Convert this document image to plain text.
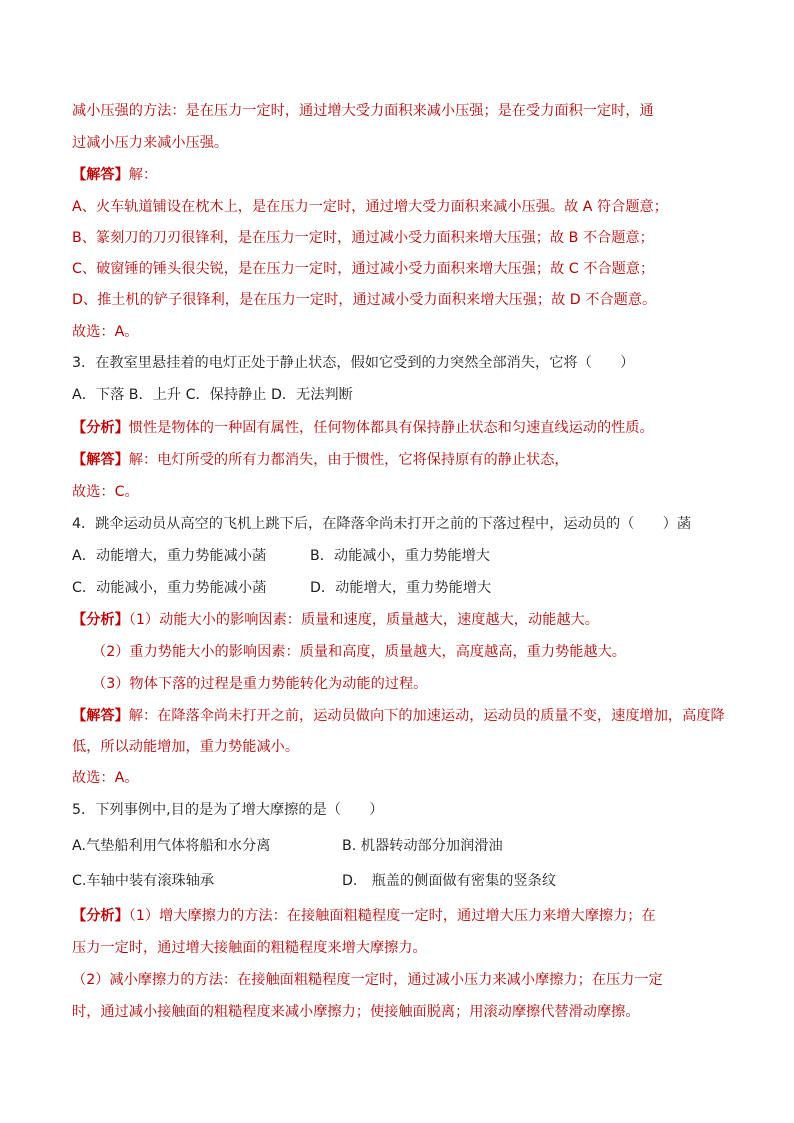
减小压强的方法：是在压力一定时，通过增大受力面积来减小压强；是在受力面积一定时，通
过减小压力来减小压强。
【解答】解：
A、火车轨道铺设在枕木上，是在压力一定时，通过增大受力面积来减小压强。故 A 符合题意；
B、篆刻刀的刀刃很锋利，是在压力一定时，通过减小受力面积来增大压强；故 B 不合题意；
C、破窗锤的锤头很尖锐，是在压力一定时，通过减小受力面积来增大压强；故 C 不合题意；
D、推土机的铲子很锋利，是在压力一定时，通过减小受力面积来增大压强；故 D 不合题意。
故选：A。
3．在教室里悬挂着的电灯正处于静止状态，假如它受到的力突然全部消失，它将（　　）
A．下落 B．上升 C．保持静止 D．无法判断
【分析】惯性是物体的一种固有属性，任何物体都具有保持静止状态和匀速直线运动的性质。
【解答】解：电灯所受的所有力都消失，由于惯性，它将保持原有的静止状态，
故选：C。
4．跳伞运动员从高空的飞机上跳下后，在降落伞尚未打开之前的下落过程中，运动员的（　　）菡
A．动能增大，重力势能减小菡	B．动能减小，重力势能增大
C．动能减小，重力势能减小菡	D．动能增大，重力势能增大
【分析】（1）动能大小的影响因素：质量和速度，质量越大，速度越大，动能越大。
（2）重力势能大小的影响因素：质量和高度，质量越大，高度越高，重力势能越大。
（3）物体下落的过程是重力势能转化为动能的过程。
【解答】解：在降落伞尚未打开之前，运动员做向下的加速运动，运动员的质量不变，速度增加，高度降
低，所以动能增加，重力势能减小。
故选：A。
5．下列事例中,目的是为了增大摩擦的是（　　）
A.气垫船利用气体将船和水分离	B. 机器转动部分加润滑油
C.车轴中装有滚珠轴承	D.　瓶盖的侧面做有密集的竖条纹
【分析】（1）增大摩擦力的方法：在接触面粗糙程度一定时，通过增大压力来增大摩擦力；在
压力一定时，通过增大接触面的粗糙程度来增大摩擦力。
（2）减小摩擦力的方法：在接触面粗糙程度一定时，通过减小压力来减小摩擦力；在压力一定
时，通过减小接触面的粗糙程度来减小摩擦力；使接触面脱离；用滚动摩擦代替滑动摩擦。
